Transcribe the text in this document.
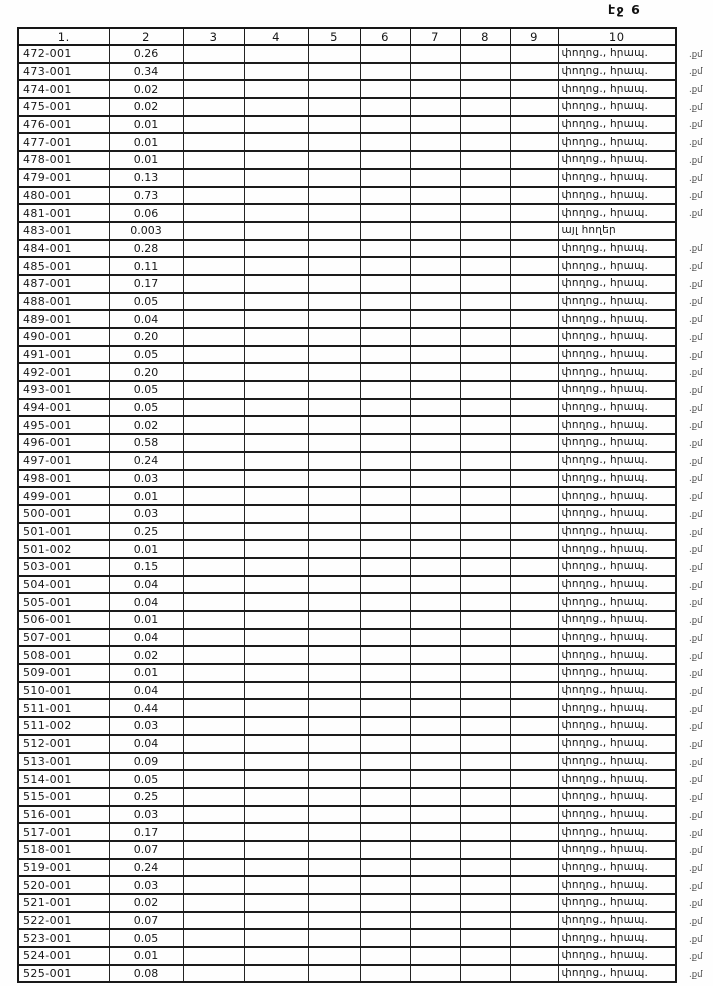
էջ 6
1.	2	3	4	5	6	7	8	9	10
472-001	0.26								փողոց., հրապ.
473-001	0.34								փողոց., հրապ.
474-001	0.02								փողոց., հրապ.
475-001	0.02								փողոց., հրապ.
476-001	0.01								փողոց., հրապ.
477-001	0.01								փողոց., հրապ.
478-001	0.01								փողոց., հրապ.
479-001	0.13								փողոց., հրապ.
480-001	0.73								փողոց., հրապ.
481-001	0.06								փողոց., հրապ.
483-001	0.003								այլ հողեր
484-001	0.28								փողոց., հրապ.
485-001	0.11								փողոց., հրապ.
487-001	0.17								փողոց., հրապ.
488-001	0.05								փողոց., հրապ.
489-001	0.04								փողոց., հրապ.
490-001	0.20								փողոց., հրապ.
491-001	0.05								փողոց., հրապ.
492-001	0.20								փողոց., հրապ.
493-001	0.05								փողոց., հրապ.
494-001	0.05								փողոց., հրապ.
495-001	0.02								փողոց., հրապ.
496-001	0.58								փողոց., հրապ.
497-001	0.24								փողոց., հրապ.
498-001	0.03								փողոց., հրապ.
499-001	0.01								փողոց., հրապ.
500-001	0.03								փողոց., հրապ.
501-001	0.25								փողոց., հրապ.
501-002	0.01								փողոց., հրապ.
503-001	0.15								փողոց., հրապ.
504-001	0.04								փողոց., հրապ.
505-001	0.04								փողոց., հրապ.
506-001	0.01								փողոց., հրապ.
507-001	0.04								փողոց., հրապ.
508-001	0.02								փողոց., հրապ.
509-001	0.01								փողոց., հրապ.
510-001	0.04								փողոց., հրապ.
511-001	0.44								փողոց., հրապ.
511-002	0.03								փողոց., հրապ.
512-001	0.04								փողոց., հրապ.
513-001	0.09								փողոց., հրապ.
514-001	0.05								փողոց., հրապ.
515-001	0.25								փողոց., հրապ.
516-001	0.03								փողոց., հրապ.
517-001	0.17								փողոց., հրապ.
518-001	0.07								փողոց., հրապ.
519-001	0.24								փողոց., հրապ.
520-001	0.03								փողոց., հրապ.
521-001	0.02								փողոց., հրապ.
522-001	0.07								փողոց., հրապ.
523-001	0.05								փողոց., հրապ.
524-001	0.01								փողոց., հրապ.
525-001	0.08								փողոց., հրապ.
.քմ
.քմ
.քմ
.քմ
.քմ
.քմ
.քմ
.քմ
.քմ
.քմ
.քմ
.քմ
.քմ
.քմ
.քմ
.քմ
.քմ
.քմ
.քմ
.քմ
.քմ
.քմ
.քմ
.քմ
.քմ
.քմ
.քմ
.քմ
.քմ
.քմ
.քմ
.քմ
.քմ
.քմ
.քմ
.քմ
.քմ
.քմ
.քմ
.քմ
.քմ
.քմ
.քմ
.քմ
.քմ
.քմ
.քմ
.քմ
.քմ
.քմ
.քմ
.քմ
